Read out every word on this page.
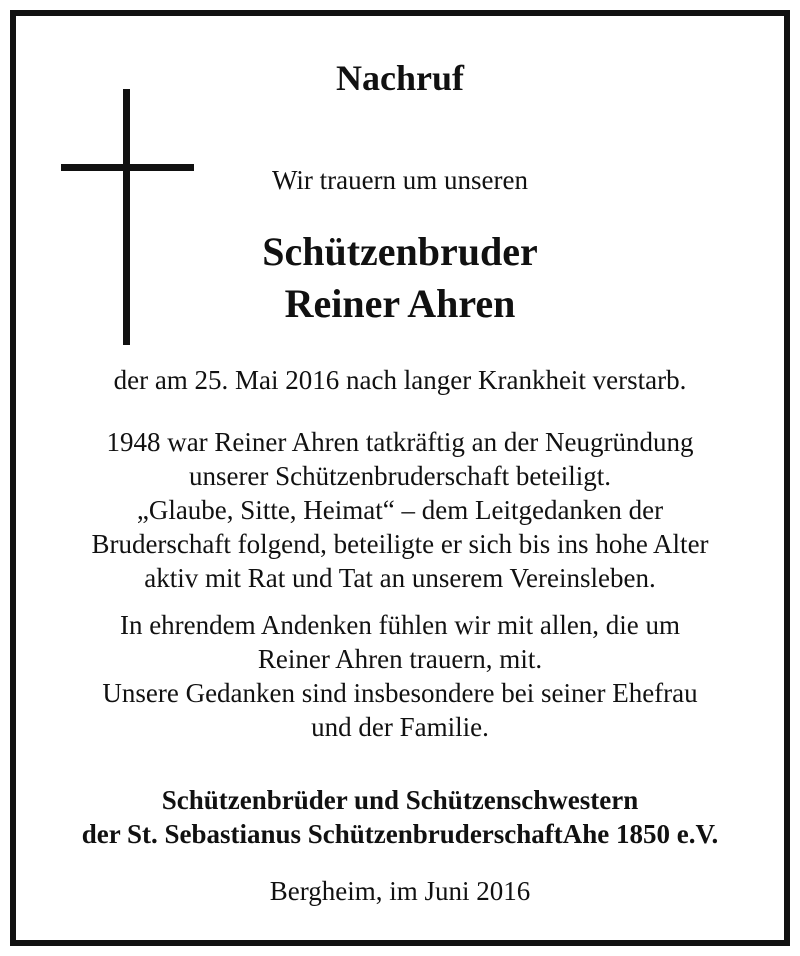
Nachruf

Wir trauern um unseren

Schützenbruder
Reiner Ahren

der am 25. Mai 2016 nach langer Krankheit verstarb.

1948 war Reiner Ahren tatkräftig an der Neugründung
unserer Schützenbruderschaft beteiligt.
„Glaube, Sitte, Heimat“ – dem Leitgedanken der
Bruderschaft folgend, beteiligte er sich bis ins hohe Alter
aktiv mit Rat und Tat an unserem Vereinsleben.
In ehrendem Andenken fühlen wir mit allen, die um
Reiner Ahren trauern, mit.
Unsere Gedanken sind insbesondere bei seiner Ehefrau
und der Familie.
Schützenbrüder und Schützenschwestern
der St. Sebastianus SchützenbruderschaftAhe 1850 e.V.

Bergheim, im Juni 2016
